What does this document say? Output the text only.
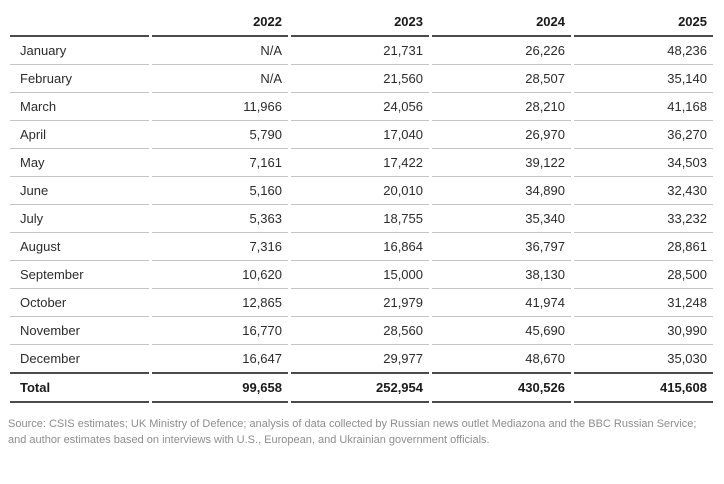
	2022	2023	2024	2025
January	N/A	21,731	26,226	48,236
February	N/A	21,560	28,507	35,140
March	11,966	24,056	28,210	41,168
April	5,790	17,040	26,970	36,270
May	7,161	17,422	39,122	34,503
June	5,160	20,010	34,890	32,430
July	5,363	18,755	35,340	33,232
August	7,316	16,864	36,797	28,861
September	10,620	15,000	38,130	28,500
October	12,865	21,979	41,974	31,248
November	16,770	28,560	45,690	30,990
December	16,647	29,977	48,670	35,030
Total	99,658	252,954	430,526	415,608

Source: CSIS estimates; UK Ministry of Defence; analysis of data collected by Russian news outlet Mediazona and the BBC Russian Service; and author estimates based on interviews with U.S., European, and Ukrainian government officials.
